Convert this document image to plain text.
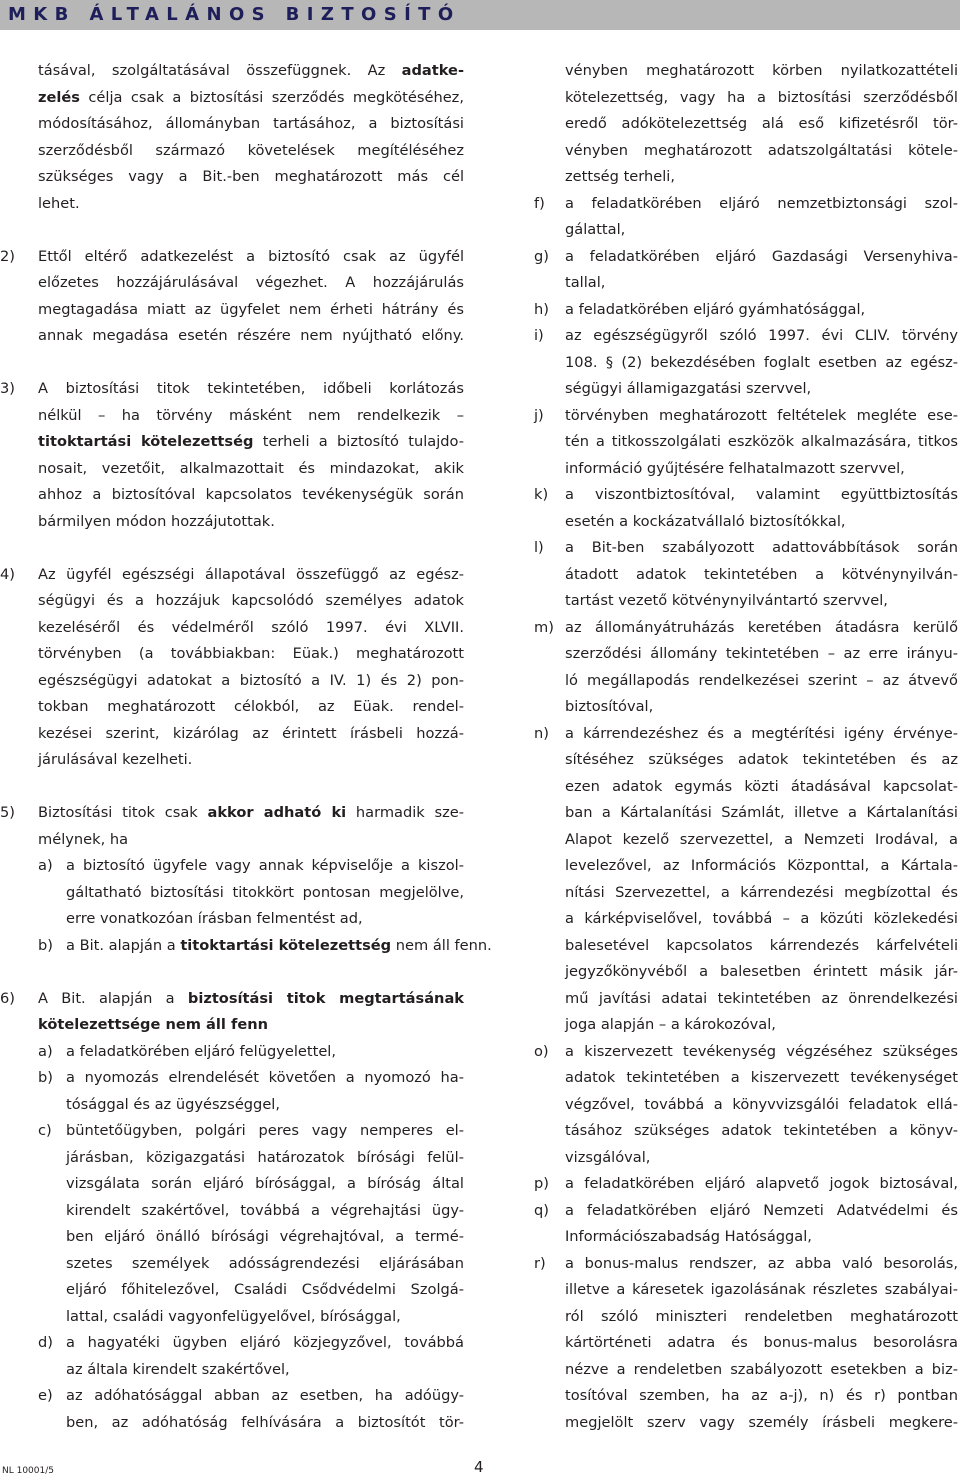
MKB ÁLTALÁNOS BIZTOSÍTÓ
tásával, szolgáltatásával összefüggnek. Az adatke-
zelés célja csak a biztosítási szerződés megkötéséhez,
módosításához, állományban tartásához, a biztosítási
szerződésből származó követelések megítéléséhez
szükséges vagy a Bit.-ben meghatározott más cél
lehet.
2) Ettől eltérő adatkezelést a biztosító csak az ügyfél
előzetes hozzájárulásával végezhet. A hozzájárulás
megtagadása miatt az ügyfelet nem érheti hátrány és
annak megadása esetén részére nem nyújtható előny.
3) A biztosítási titok tekintetében, időbeli korlátozás
nélkül – ha törvény másként nem rendelkezik –
titoktartási kötelezettség terheli a biztosító tulajdo-
nosait, vezetőit, alkalmazottait és mindazokat, akik
ahhoz a biztosítóval kapcsolatos tevékenységük során
bármilyen módon hozzájutottak.
4) Az ügyfél egészségi állapotával összefüggő az egész-
ségügyi és a hozzájuk kapcsolódó személyes adatok
kezeléséről és védelméről szóló 1997. évi XLVII.
törvényben (a továbbiakban: Eüak.) meghatározott
egészségügyi adatokat a biztosító a IV. 1) és 2) pon-
tokban meghatározott célokból, az Eüak. rendel-
kezései szerint, kizárólag az érintett írásbeli hozzá-
járulásával kezelheti.
5) Biztosítási titok csak akkor adható ki harmadik sze-
mélynek, ha
a) a biztosító ügyfele vagy annak képviselője a kiszol-
gáltatható biztosítási titokkört pontosan megjelölve,
erre vonatkozóan írásban felmentést ad,
b) a Bit. alapján a titoktartási kötelezettség nem áll fenn.
6) A Bit. alapján a biztosítási titok megtartásának
kötelezettsége nem áll fenn
a) a feladatkörében eljáró felügyelettel,
b) a nyomozás elrendelését követően a nyomozó ha-
tósággal és az ügyészséggel,
c) büntetőügyben, polgári peres vagy nemperes el-
járásban, közigazgatási határozatok bírósági felül-
vizsgálata során eljáró bírósággal, a bíróság által
kirendelt szakértővel, továbbá a végrehajtási ügy-
ben eljáró önálló bírósági végrehajtóval, a termé-
szetes személyek adósságrendezési eljárásában
eljáró főhitelezővel, Családi Csődvédelmi Szolgá-
lattal, családi vagyonfelügyelővel, bírósággal,
d) a hagyatéki ügyben eljáró közjegyzővel, továbbá
az általa kirendelt szakértővel,
e) az adóhatósággal abban az esetben, ha adóügy-
ben, az adóhatóság felhívására a biztosítót tör-
vényben meghatározott körben nyilatkozattételi
kötelezettség, vagy ha a biztosítási szerződésből
eredő adókötelezettség alá eső kifizetésről tör-
vényben meghatározott adatszolgáltatási kötele-
zettség terheli,
f) a feladatkörében eljáró nemzetbiztonsági szol-
gálattal,
g) a feladatkörében eljáró Gazdasági Versenyhiva-
tallal,
h) a feladatkörében eljáró gyámhatósággal,
i) az egészségügyről szóló 1997. évi CLIV. törvény
108. § (2) bekezdésében foglalt esetben az egész-
ségügyi államigazgatási szervvel,
j) törvényben meghatározott feltételek megléte ese-
tén a titkosszolgálati eszközök alkalmazására, titkos
információ gyűjtésére felhatalmazott szervvel,
k) a viszontbiztosítóval, valamint együttbiztosítás
esetén a kockázatvállaló biztosítókkal,
l) a Bit-ben szabályozott adattovábbítások során
átadott adatok tekintetében a kötvénynyilván-
tartást vezető kötvénynyilvántartó szervvel,
m) az állományátruházás keretében átadásra kerülő
szerződési állomány tekintetében – az erre irányu-
ló megállapodás rendelkezései szerint – az átvevő
biztosítóval,
n) a kárrendezéshez és a megtérítési igény érvénye-
sítéséhez szükséges adatok tekintetében és az
ezen adatok egymás közti átadásával kapcsolat-
ban a Kártalanítási Számlát, illetve a Kártalanítási
Alapot kezelő szervezettel, a Nemzeti Irodával, a
levelezővel, az Információs Központtal, a Kártala-
nítási Szervezettel, a kárrendezési megbízottal és
a kárképviselővel, továbbá – a közúti közlekedési
balesetével kapcsolatos kárrendezés kárfelvételi
jegyzőkönyvéből a balesetben érintett másik jár-
mű javítási adatai tekintetében az önrendelkezési
joga alapján – a károkozóval,
o) a kiszervezett tevékenység végzéséhez szükséges
adatok tekintetében a kiszervezett tevékenységet
végzővel, továbbá a könyvvizsgálói feladatok ellá-
tásához szükséges adatok tekintetében a könyv-
vizsgálóval,
p) a feladatkörében eljáró alapvető jogok biztosával,
q) a feladatkörében eljáró Nemzeti Adatvédelmi és
Információszabadság Hatósággal,
r) a bonus-malus rendszer, az abba való besorolás,
illetve a káresetek igazolásának részletes szabályai-
ról szóló miniszteri rendeletben meghatározott
kártörténeti adatra és bonus-malus besorolásra
nézve a rendeletben szabályozott esetekben a biz-
tosítóval szemben, ha az a-j), n) és r) pontban
megjelölt szerv vagy személy írásbeli megkere-
NL 10001/5	4
